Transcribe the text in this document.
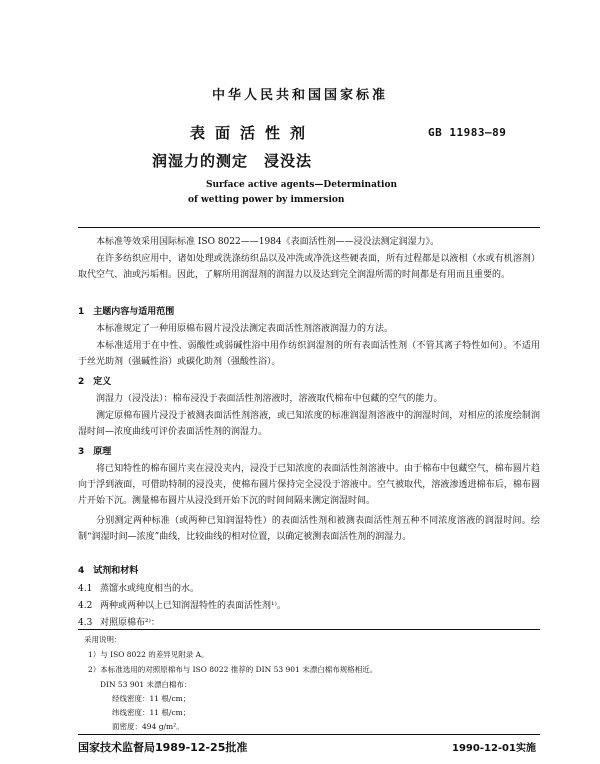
中华人民共和国国家标准
表面活性剂	GB 11983—89
润湿力的测定　浸没法
Surface active agents—Determination
of wetting power by immersion
本标准等效采用国际标准 ISO 8022——1984《表面活性剂——浸没法测定润湿力》。
在许多纺织应用中，诸如处理或洗涤纺织品以及冲洗或净洗这些硬表面，所有过程都是以液相（水或有机溶剂）取代空气、油或污垢相。因此，了解所用润湿剂的润湿力以及达到完全润湿所需的时间都是有用而且重要的。
1　主题内容与适用范围
本标准规定了一种用原棉布圆片浸没法测定表面活性剂溶液润湿力的方法。
本标准适用于在中性、弱酸性或弱碱性浴中用作纺织润湿剂的所有表面活性剂（不管其离子特性如何）。不适用于丝光助剂（强碱性浴）或碳化助剂（强酸性浴）。
2　定义
润湿力（浸没法）：棉布浸没于表面活性剂溶液时，溶液取代棉布中包藏的空气的能力。
测定原棉布圆片浸没于被测表面活性剂溶液，或已知浓度的标准润湿剂溶液中的润湿时间，对相应的浓度绘制润湿时间—浓度曲线可评价表面活性剂的润湿力。
3　原理
将已知特性的棉布圆片夹在浸没夹内，浸没于已知浓度的表面活性剂溶液中。由于棉布中包藏空气，棉布圆片趋向于浮到液面，可借助特制的浸没夹，使棉布圆片保持完全浸没于溶液中。空气被取代，溶液渗透进棉布后，棉布圆片开始下沉。测量棉布圆片从浸没到开始下沉的时间间隔来测定润湿时间。
分别测定两种标准（或两种已知润湿特性）的表面活性剂和被测表面活性剂五种不同浓度溶液的润湿时间。绘制“润湿时间—浓度”曲线，比较曲线的相对位置，以确定被测表面活性剂的润湿力。
4　试剂和材料
4.1 蒸馏水或纯度相当的水。
4.2 两种或两种以上已知润湿特性的表面活性剂¹⁾。
4.3 对照原棉布²⁾：
采用说明：
1）与 ISO 8022 的差异见附录 A。
2）本标准选用的对照原棉布与 ISO 8022 推荐的 DIN 53 901 未漂白棉布规格相近。
DIN 53 901 未漂白棉布：
经线密度：11 根/cm；
纬线密度：11 根/cm；
面密度：494 g/m²。
国家技术监督局1989-12-25批准	1990-12-01实施
